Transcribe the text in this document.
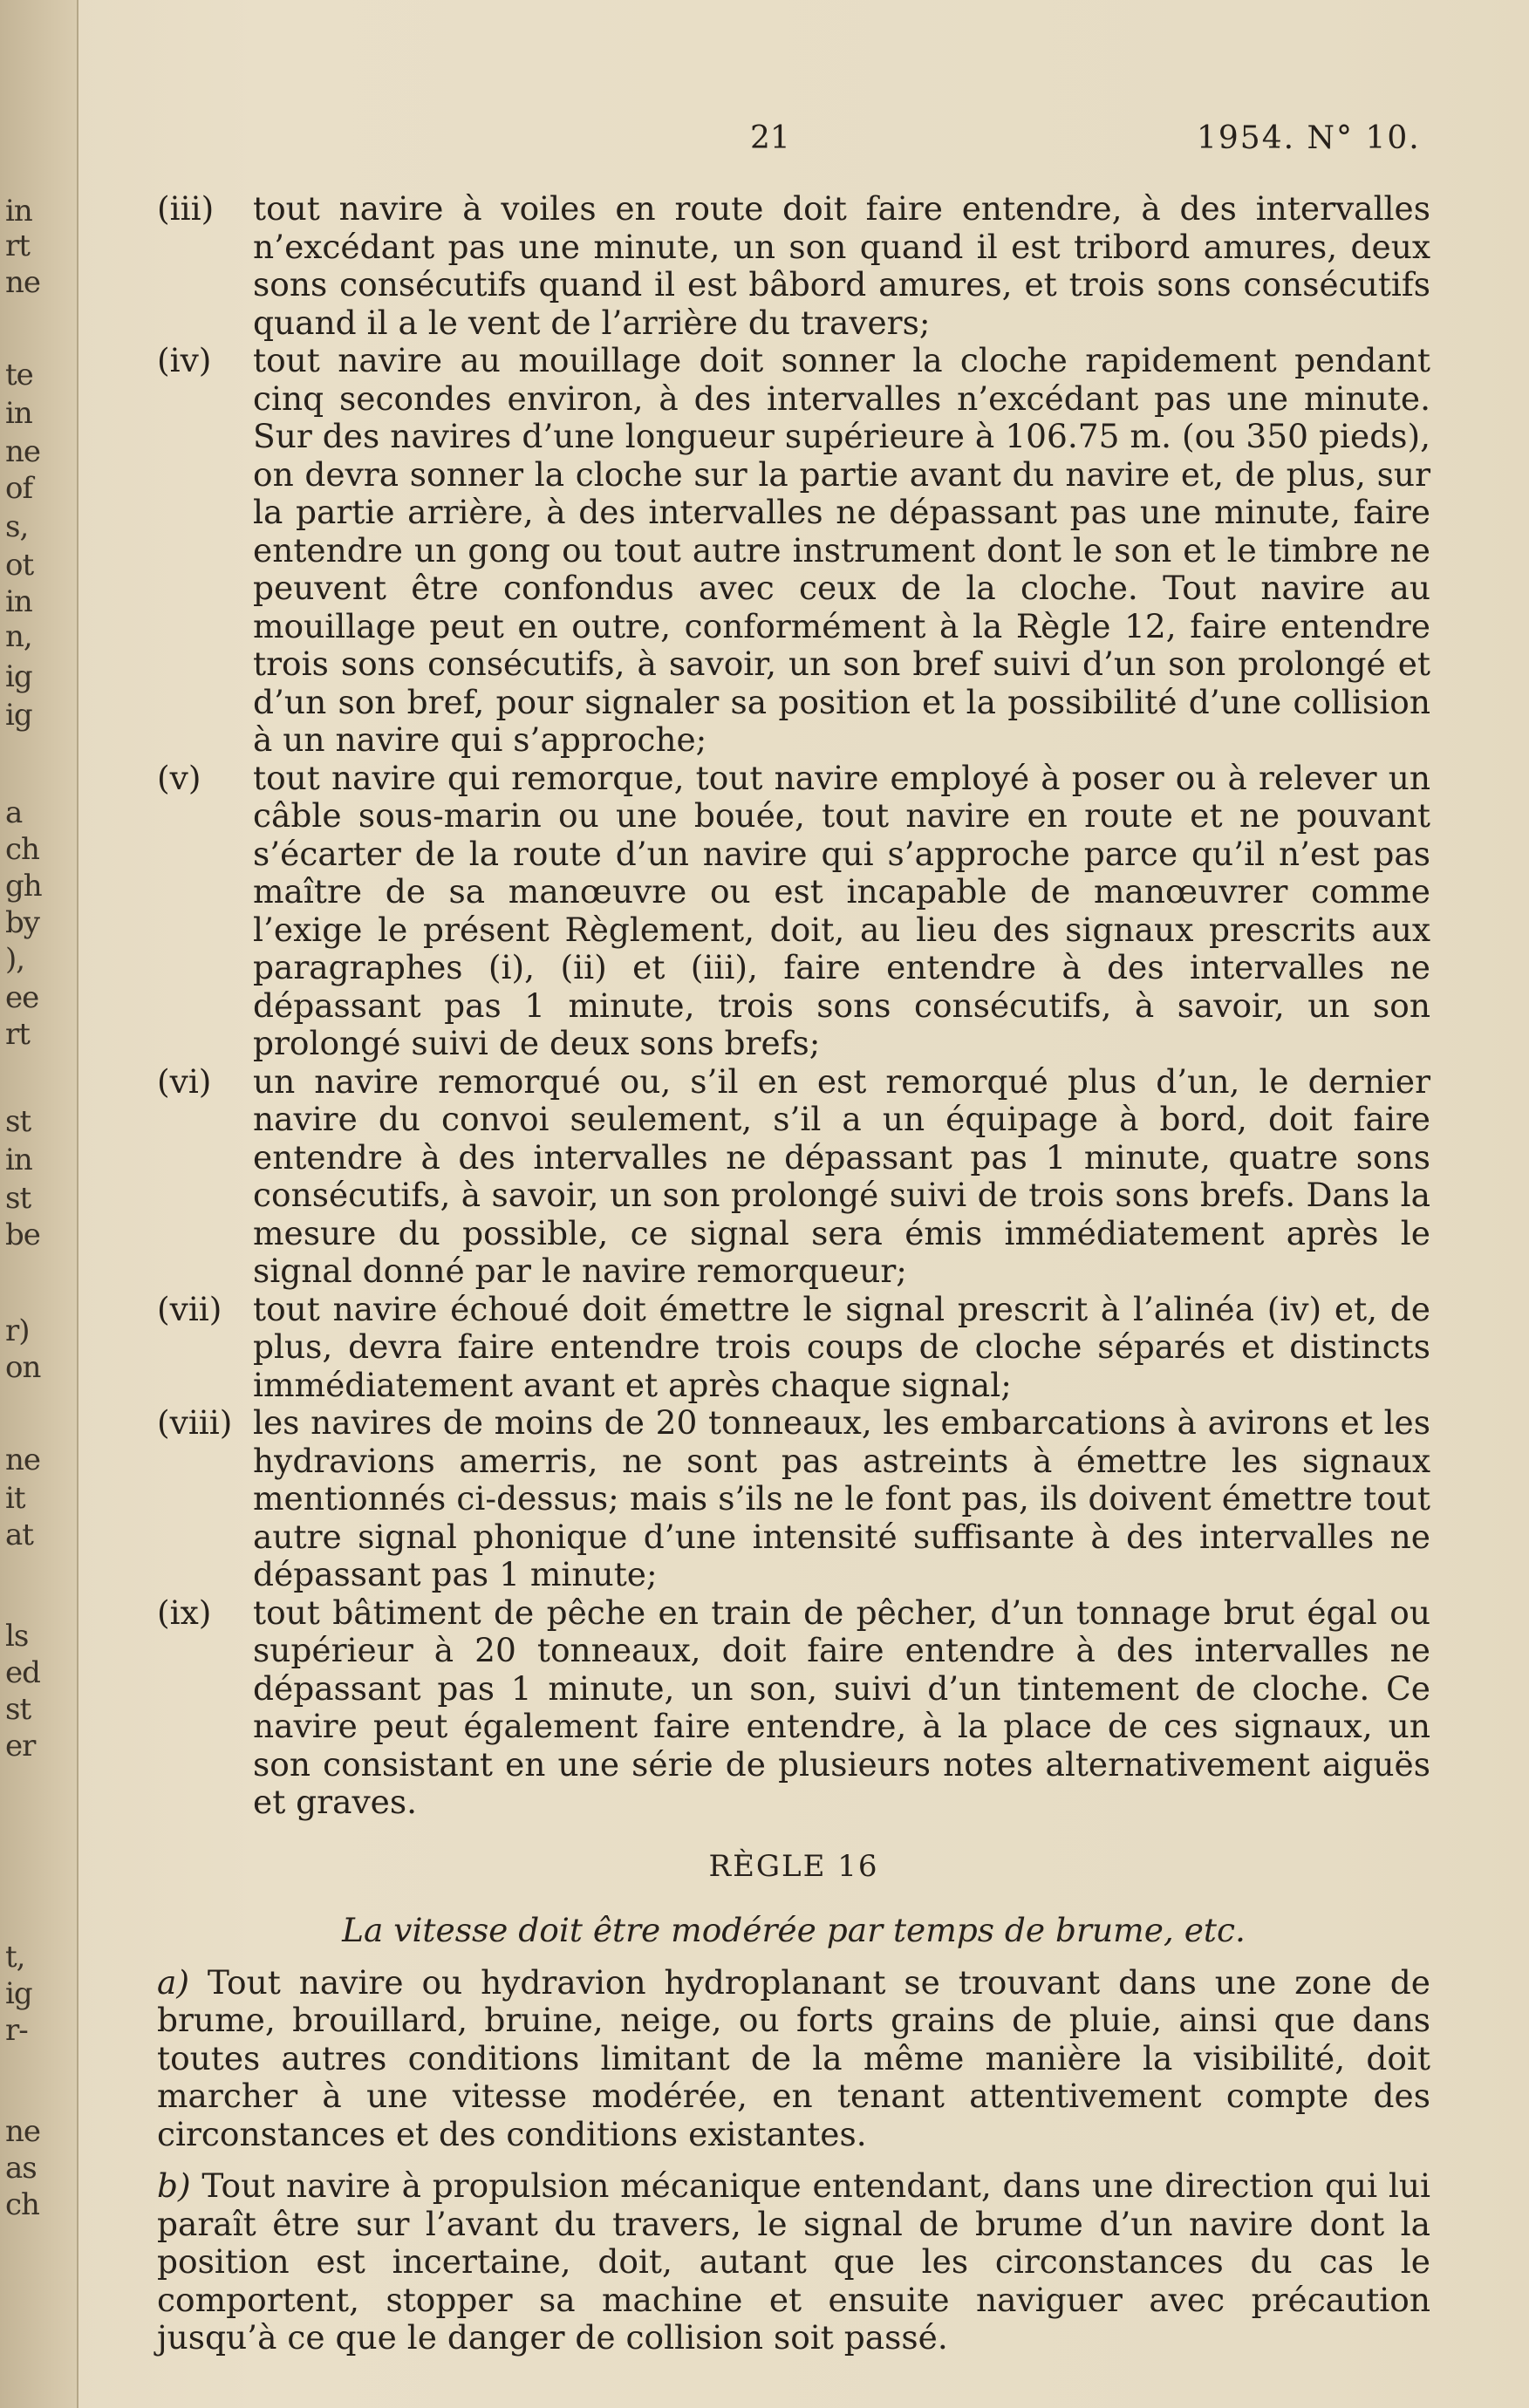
in
rt
ne
te
in
ne
of
s,
ot
in
n,
ig
ig
a
ch
gh
by
),
ee
rt
st
in
st
be
r)
on
ne
it
at
ls
ed
st
er
t,
ig
r-
ne
as
ch
21	1954. N° 10.
(iii)	tout navire à voiles en route doit faire entendre, à des intervalles n’excédant pas une minute, un son quand il est tribord amures, deux sons consécutifs quand il est bâbord amures, et trois sons consécutifs quand il a le vent de l’arrière du travers;
(iv)	tout navire au mouillage doit sonner la cloche rapidement pendant cinq secondes environ, à des intervalles n’excédant pas une minute. Sur des navires d’une longueur supérieure à 106.75 m. (ou 350 pieds), on devra sonner la cloche sur la partie avant du navire et, de plus, sur la partie arrière, à des intervalles ne dépassant pas une minute, faire entendre un gong ou tout autre instrument dont le son et le timbre ne peuvent être confondus avec ceux de la cloche. Tout navire au mouillage peut en outre, conformément à la Règle 12, faire entendre trois sons consécutifs, à savoir, un son bref suivi d’un son prolongé et d’un son bref, pour signaler sa position et la possibilité d’une collision à un navire qui s’approche;
(v)	tout navire qui remorque, tout navire employé à poser ou à relever un câble sous-marin ou une bouée, tout navire en route et ne pouvant s’écarter de la route d’un navire qui s’approche parce qu’il n’est pas maître de sa manœuvre ou est incapable de manœuvrer comme l’exige le présent Règlement, doit, au lieu des signaux prescrits aux paragraphes (i), (ii) et (iii), faire entendre à des intervalles ne dépassant pas 1 minute, trois sons consécutifs, à savoir, un son prolongé suivi de deux sons brefs;
(vi)	un navire remorqué ou, s’il en est remorqué plus d’un, le dernier navire du convoi seulement, s’il a un équipage à bord, doit faire entendre à des intervalles ne dépassant pas 1 minute, quatre sons consécutifs, à savoir, un son prolongé suivi de trois sons brefs. Dans la mesure du possible, ce signal sera émis immédiatement après le signal donné par le navire remorqueur;
(vii) tout navire échoué doit émettre le signal prescrit à l’alinéa (iv) et, de plus, devra faire entendre trois coups de cloche séparés et distincts immédiatement avant et après chaque signal;
(viii) les navires de moins de 20 tonneaux, les embarcations à avirons et les hydravions amerris, ne sont pas astreints à émettre les signaux mentionnés ci-dessus; mais s’ils ne le font pas, ils doivent émettre tout autre signal phonique d’une intensité suffisante à des intervalles ne dépassant pas 1 minute;
(ix)	tout bâtiment de pêche en train de pêcher, d’un tonnage brut égal ou supérieur à 20 tonneaux, doit faire entendre à des intervalles ne dépassant pas 1 minute, un son, suivi d’un tintement de cloche. Ce navire peut également faire entendre, à la place de ces signaux, un son consistant en une série de plusieurs notes alternativement aiguës et graves.
RÈGLE 16
La vitesse doit être modérée par temps de brume, etc.

a) Tout navire ou hydravion hydroplanant se trouvant dans une zone de brume, brouillard, bruine, neige, ou forts grains de pluie, ainsi que dans toutes autres conditions limitant de la même manière la visibilité, doit marcher à une vitesse modérée, en tenant attentivement compte des circonstances et des conditions existantes.

b) Tout navire à propulsion mécanique entendant, dans une direction qui lui paraît être sur l’avant du travers, le signal de brume d’un navire dont la position est incertaine, doit, autant que les circonstances du cas le comportent, stopper sa machine et ensuite naviguer avec précaution jusqu’à ce que le danger de collision soit passé.
